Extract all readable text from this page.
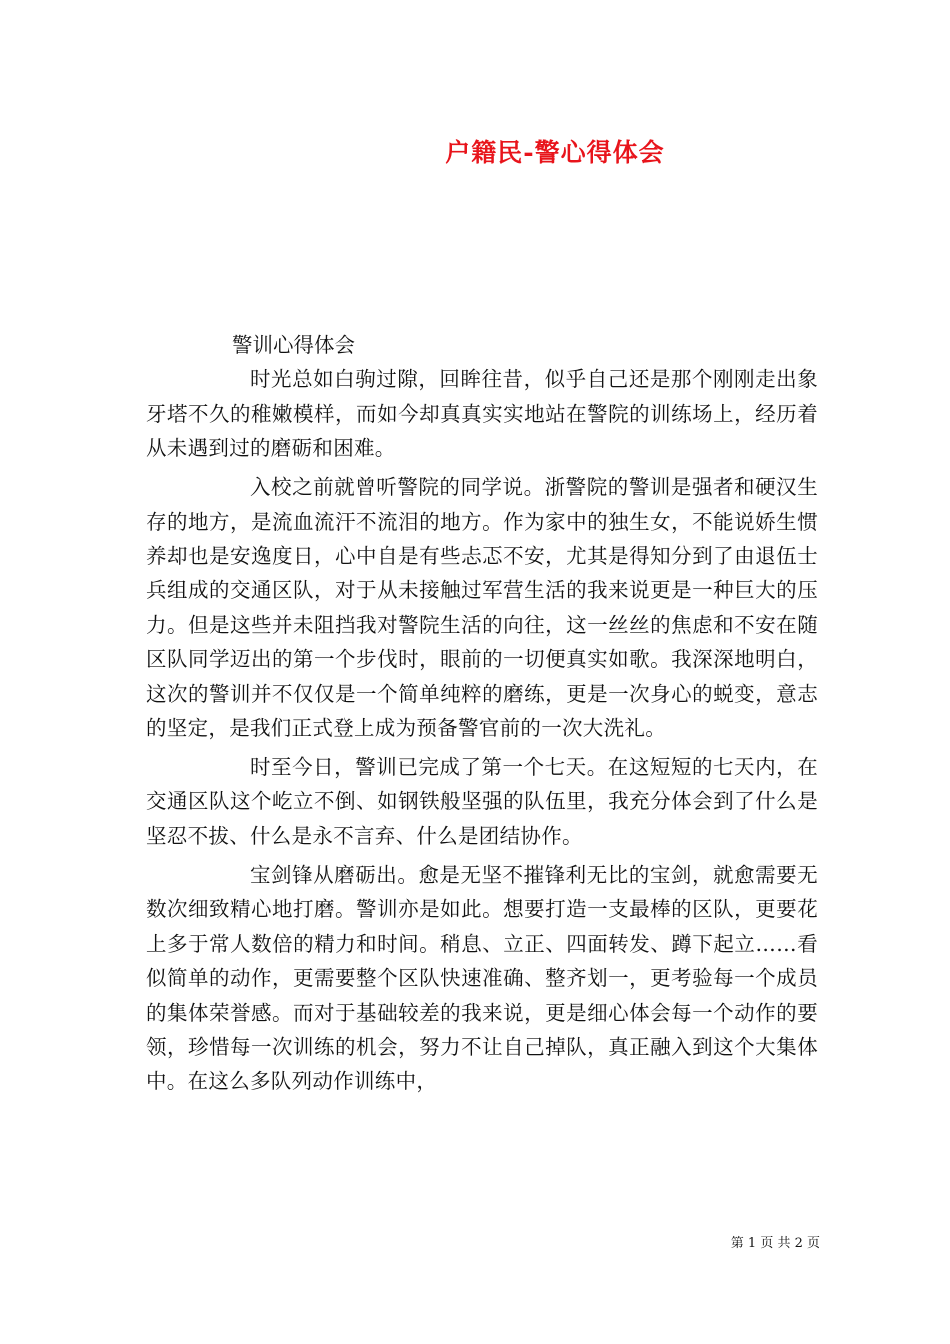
户籍民-警心得体会
警训心得体会

时光总如白驹过隙，回眸往昔，似乎自己还是那个刚刚走出象牙塔不久的稚嫩模样，而如今却真真实实地站在警院的训练场上，经历着从未遇到过的磨砺和困难。

入校之前就曾听警院的同学说。浙警院的警训是强者和硬汉生存的地方，是流血流汗不流泪的地方。作为家中的独生女，不能说娇生惯养却也是安逸度日，心中自是有些忐忑不安，尤其是得知分到了由退伍士兵组成的交通区队，对于从未接触过军营生活的我来说更是一种巨大的压力。但是这些并未阻挡我对警院生活的向往，这一丝丝的焦虑和不安在随区队同学迈出的第一个步伐时，眼前的一切便真实如歌。我深深地明白，这次的警训并不仅仅是一个简单纯粹的磨练，更是一次身心的蜕变，意志的坚定，是我们正式登上成为预备警官前的一次大洗礼。

时至今日，警训已完成了第一个七天。在这短短的七天内，在交通区队这个屹立不倒、如钢铁般坚强的队伍里，我充分体会到了什么是坚忍不拔、什么是永不言弃、什么是团结协作。

宝剑锋从磨砺出。愈是无坚不摧锋利无比的宝剑，就愈需要无数次细致精心地打磨。警训亦是如此。想要打造一支最棒的区队，更要花上多于常人数倍的精力和时间。稍息、立正、四面转发、蹲下起立……看似简单的动作，更需要整个区队快速准确、整齐划一，更考验每一个成员的集体荣誉感。而对于基础较差的我来说，更是细心体会每一个动作的要领，珍惜每一次训练的机会，努力不让自己掉队，真正融入到这个大集体中。在这么多队列动作训练中，

第 1 页 共 2 页
